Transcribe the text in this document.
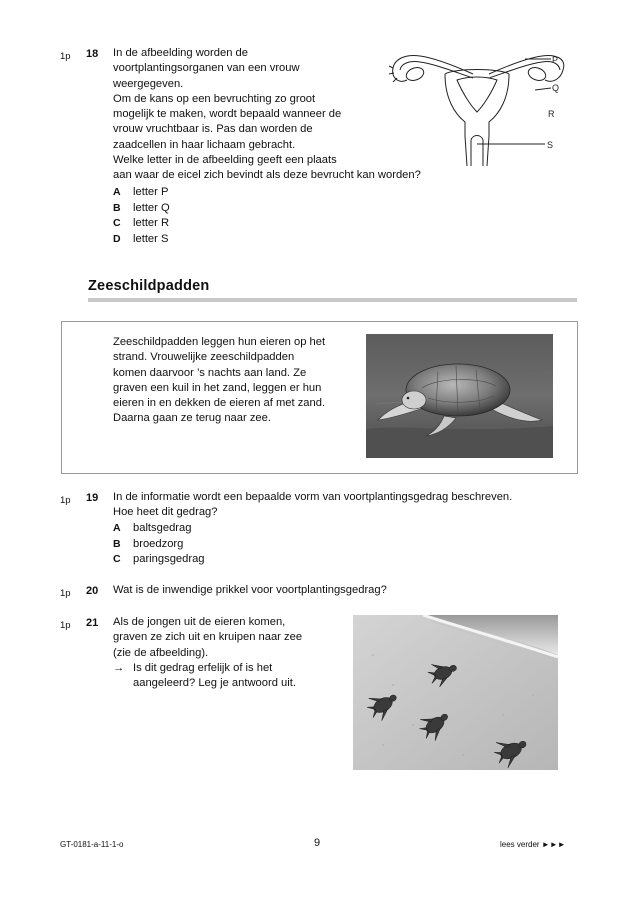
1p 18 In de afbeelding worden de
voortplantingsorganen van een vrouw
weergegeven.
Om de kans op een bevruchting zo groot
mogelijk te maken, wordt bepaald wanneer de
vrouw vruchtbaar is. Pas dan worden de
zaadcellen in haar lichaam gebracht.
Welke letter in de afbeelding geeft een plaats
aan waar de eicel zich bevindt als deze bevrucht kan worden?
A letter P
B letter Q
C letter R
D letter S
P
Q
R
S
Zeeschildpadden
Zeeschildpadden leggen hun eieren op het
strand. Vrouwelijke zeeschildpadden
komen daarvoor ’s nachts aan land. Ze
graven een kuil in het zand, leggen er hun
eieren in en dekken de eieren af met zand.
Daarna gaan ze terug naar zee.
1p 19 In de informatie wordt een bepaalde vorm van voortplantingsgedrag beschreven.
Hoe heet dit gedrag?
A baltsgedrag
B broedzorg
C paringsgedrag
1p 20 Wat is de inwendige prikkel voor voortplantingsgedrag?
1p 21 Als de jongen uit de eieren komen,
graven ze zich uit en kruipen naar zee
(zie de afbeelding).
→ Is dit gedrag erfelijk of is het
aangeleerd? Leg je antwoord uit.
GT-0181-a-11-1-o	9	lees verder ►►►
